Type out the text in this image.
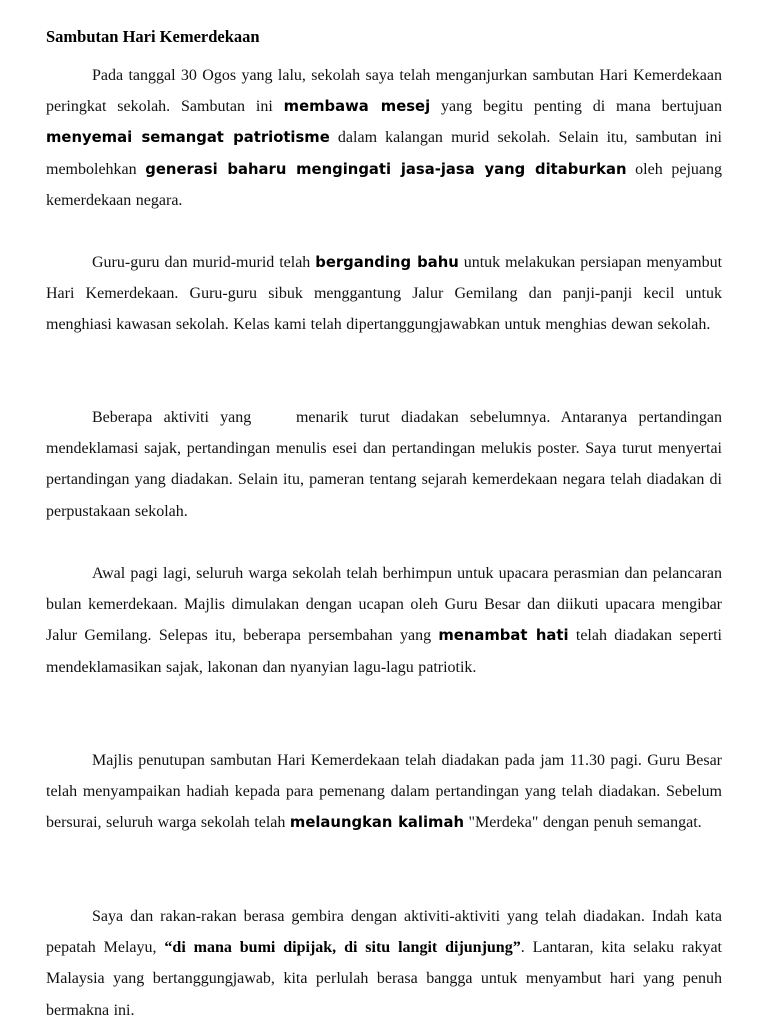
Sambutan Hari Kemerdekaan

Pada tanggal 30 Ogos yang lalu, sekolah saya telah menganjurkan sambutan Hari Kemerdekaan peringkat sekolah. Sambutan ini membawa mesej yang begitu penting di mana bertujuan menyemai semangat patriotisme dalam kalangan murid sekolah. Selain itu, sambutan ini membolehkan generasi baharu mengingati jasa-jasa yang ditaburkan oleh pejuang kemerdekaan negara.

Guru-guru dan murid-murid telah berganding bahu untuk melakukan persiapan menyambut Hari Kemerdekaan. Guru-guru sibuk menggantung Jalur Gemilang dan panji-panji kecil untuk menghiasi kawasan sekolah. Kelas kami telah dipertanggungjawabkan untuk menghias dewan sekolah.

Beberapa aktiviti yang    menarik turut diadakan sebelumnya. Antaranya pertandingan mendeklamasi sajak, pertandingan menulis esei dan pertandingan melukis poster. Saya turut menyertai pertandingan yang diadakan. Selain itu, pameran tentang sejarah kemerdekaan negara telah diadakan di perpustakaan sekolah.

Awal pagi lagi, seluruh warga sekolah telah berhimpun untuk upacara perasmian dan pelancaran bulan kemerdekaan. Majlis dimulakan dengan ucapan oleh Guru Besar dan diikuti upacara mengibar Jalur Gemilang. Selepas itu, beberapa persembahan yang menambat hati telah diadakan seperti mendeklamasikan sajak, lakonan dan nyanyian lagu-lagu patriotik.

Majlis penutupan sambutan Hari Kemerdekaan telah diadakan pada jam 11.30 pagi. Guru Besar telah menyampaikan hadiah kepada para pemenang dalam pertandingan yang telah diadakan. Sebelum bersurai, seluruh warga sekolah telah melaungkan kalimah "Merdeka" dengan penuh semangat.

Saya dan rakan-rakan berasa gembira dengan aktiviti-aktiviti yang telah diadakan. Indah kata pepatah Melayu, “di mana bumi dipijak, di situ langit dijunjung”. Lantaran, kita selaku rakyat Malaysia yang bertanggungjawab, kita perlulah berasa bangga untuk menyambut hari yang penuh bermakna ini.
